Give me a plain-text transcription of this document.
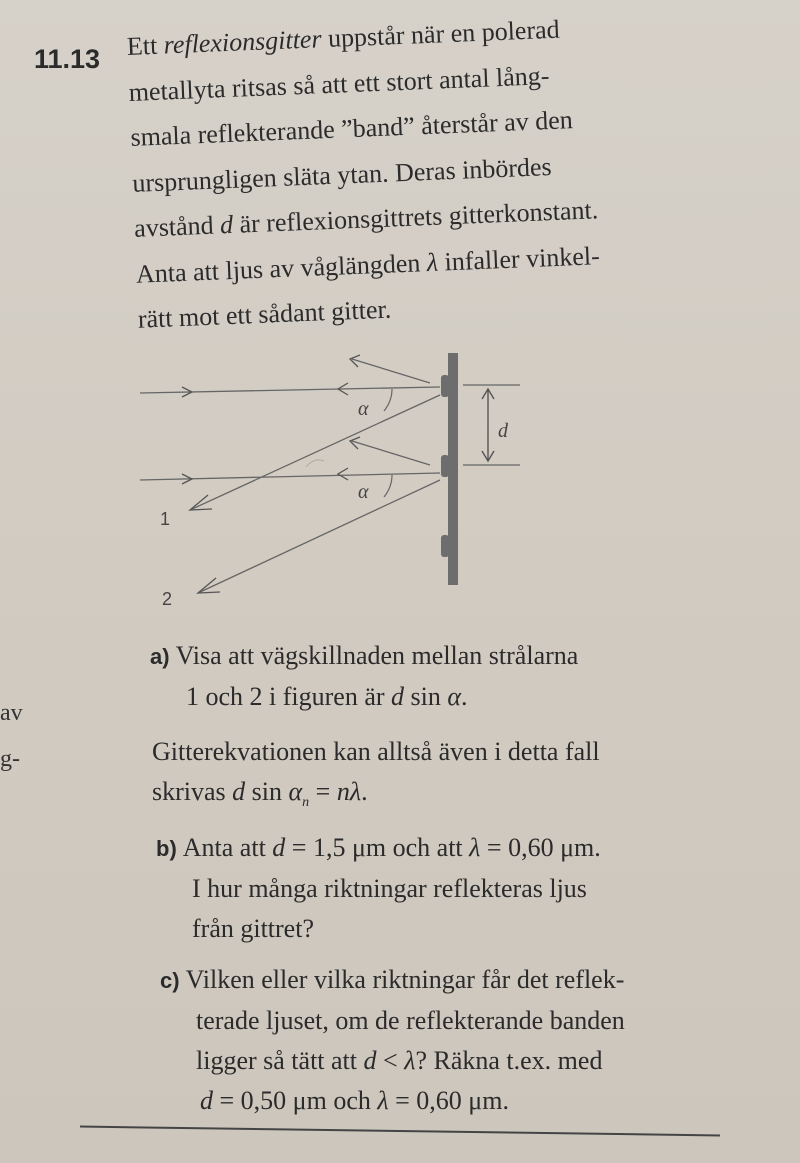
11.13 Ett reflexionsgitter uppstår när en polerad
metallyta ritsas så att ett stort antal lång-
smala reflekterande ”band” återstår av den
ursprungligen släta ytan. Deras inbördes
avstånd d är reflexionsgittrets gitterkonstant.
Anta att ljus av våglängden λ infaller vinkel-
rätt mot ett sådant gitter.
d
α
α
1
2
a) Visa att vägskillnaden mellan strålarna
1 och 2 i figuren är d sin α.
Gitterekvationen kan alltså även i detta fall
skrivas d $\sin \alpha_n = n\lambda$.
b) Anta att d = 1,5 μm och att λ = 0,60 μm.
I hur många riktningar reflekteras ljus
från gittret?
c) Vilken eller vilka riktningar får det reflek-
terade ljuset, om de reflekterande banden
ligger så tätt att d < λ? Räkna t.ex. med
d = 0,50 μm och λ = 0,60 μm.
av
g-
